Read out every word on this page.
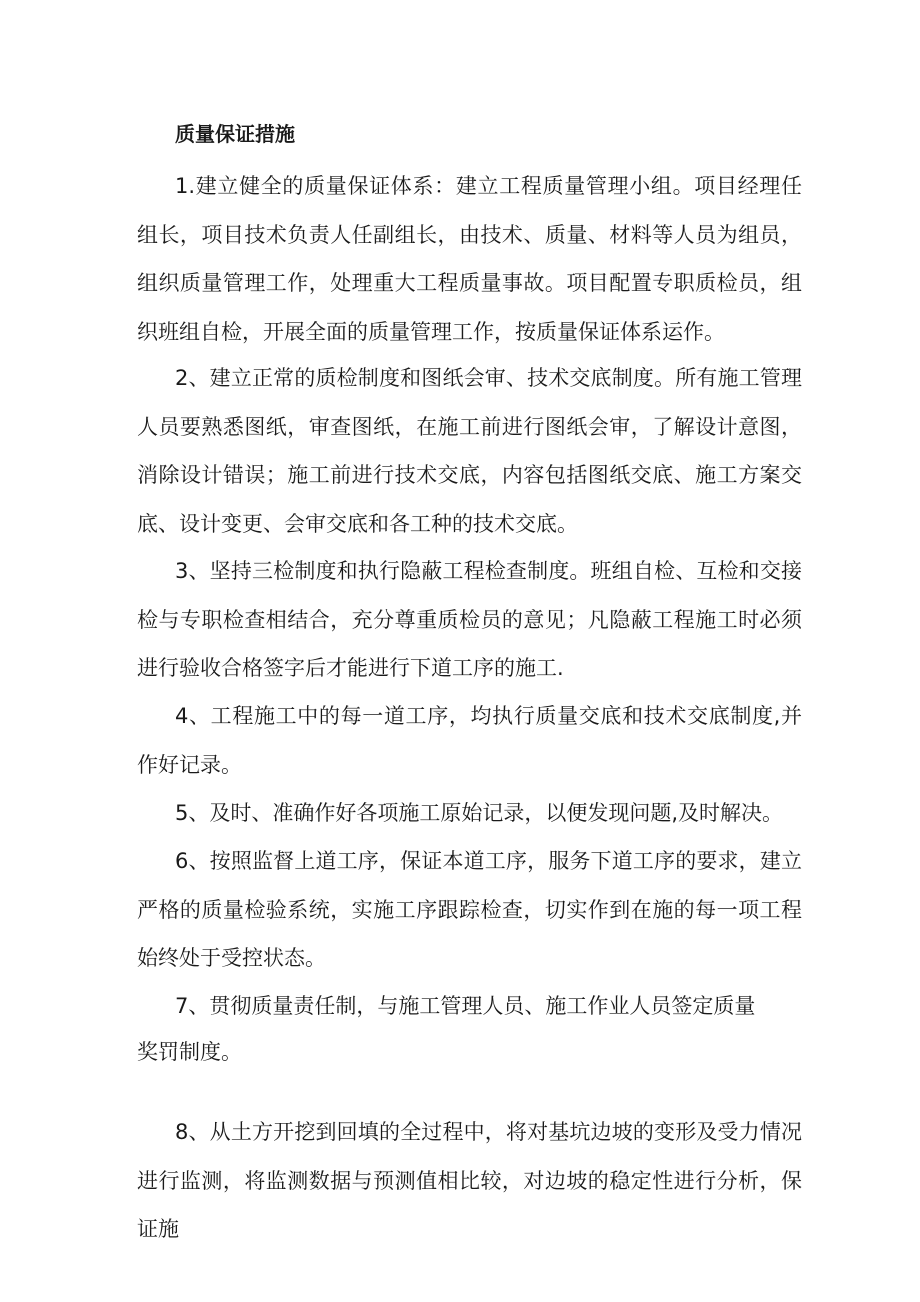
质量保证措施

1.建立健全的质量保证体系：建立工程质量管理小组。项目经理任组长，项目技术负责人任副组长，由技术、质量、材料等人员为组员，组织质量管理工作，处理重大工程质量事故。项目配置专职质检员，组织班组自检，开展全面的质量管理工作，按质量保证体系运作。

2、建立正常的质检制度和图纸会审、技术交底制度。所有施工管理人员要熟悉图纸，审查图纸，在施工前进行图纸会审，了解设计意图，消除设计错误；施工前进行技术交底，内容包括图纸交底、施工方案交底、设计变更、会审交底和各工种的技术交底。

3、坚持三检制度和执行隐蔽工程检查制度。班组自检、互检和交接检与专职检查相结合，充分尊重质检员的意见；凡隐蔽工程施工时必须进行验收合格签字后才能进行下道工序的施工.

4、工程施工中的每一道工序，均执行质量交底和技术交底制度,并作好记录。

5、及时、准确作好各项施工原始记录，以便发现问题,及时解决。

6、按照监督上道工序，保证本道工序，服务下道工序的要求，建立严格的质量检验系统，实施工序跟踪检查，切实作到在施的每一项工程始终处于受控状态。

7、贯彻质量责任制，与施工管理人员、施工作业人员签定质量

奖罚制度。

8、从土方开挖到回填的全过程中，将对基坑边坡的变形及受力情况进行监测，将监测数据与预测值相比较，对边坡的稳定性进行分析，保证施
